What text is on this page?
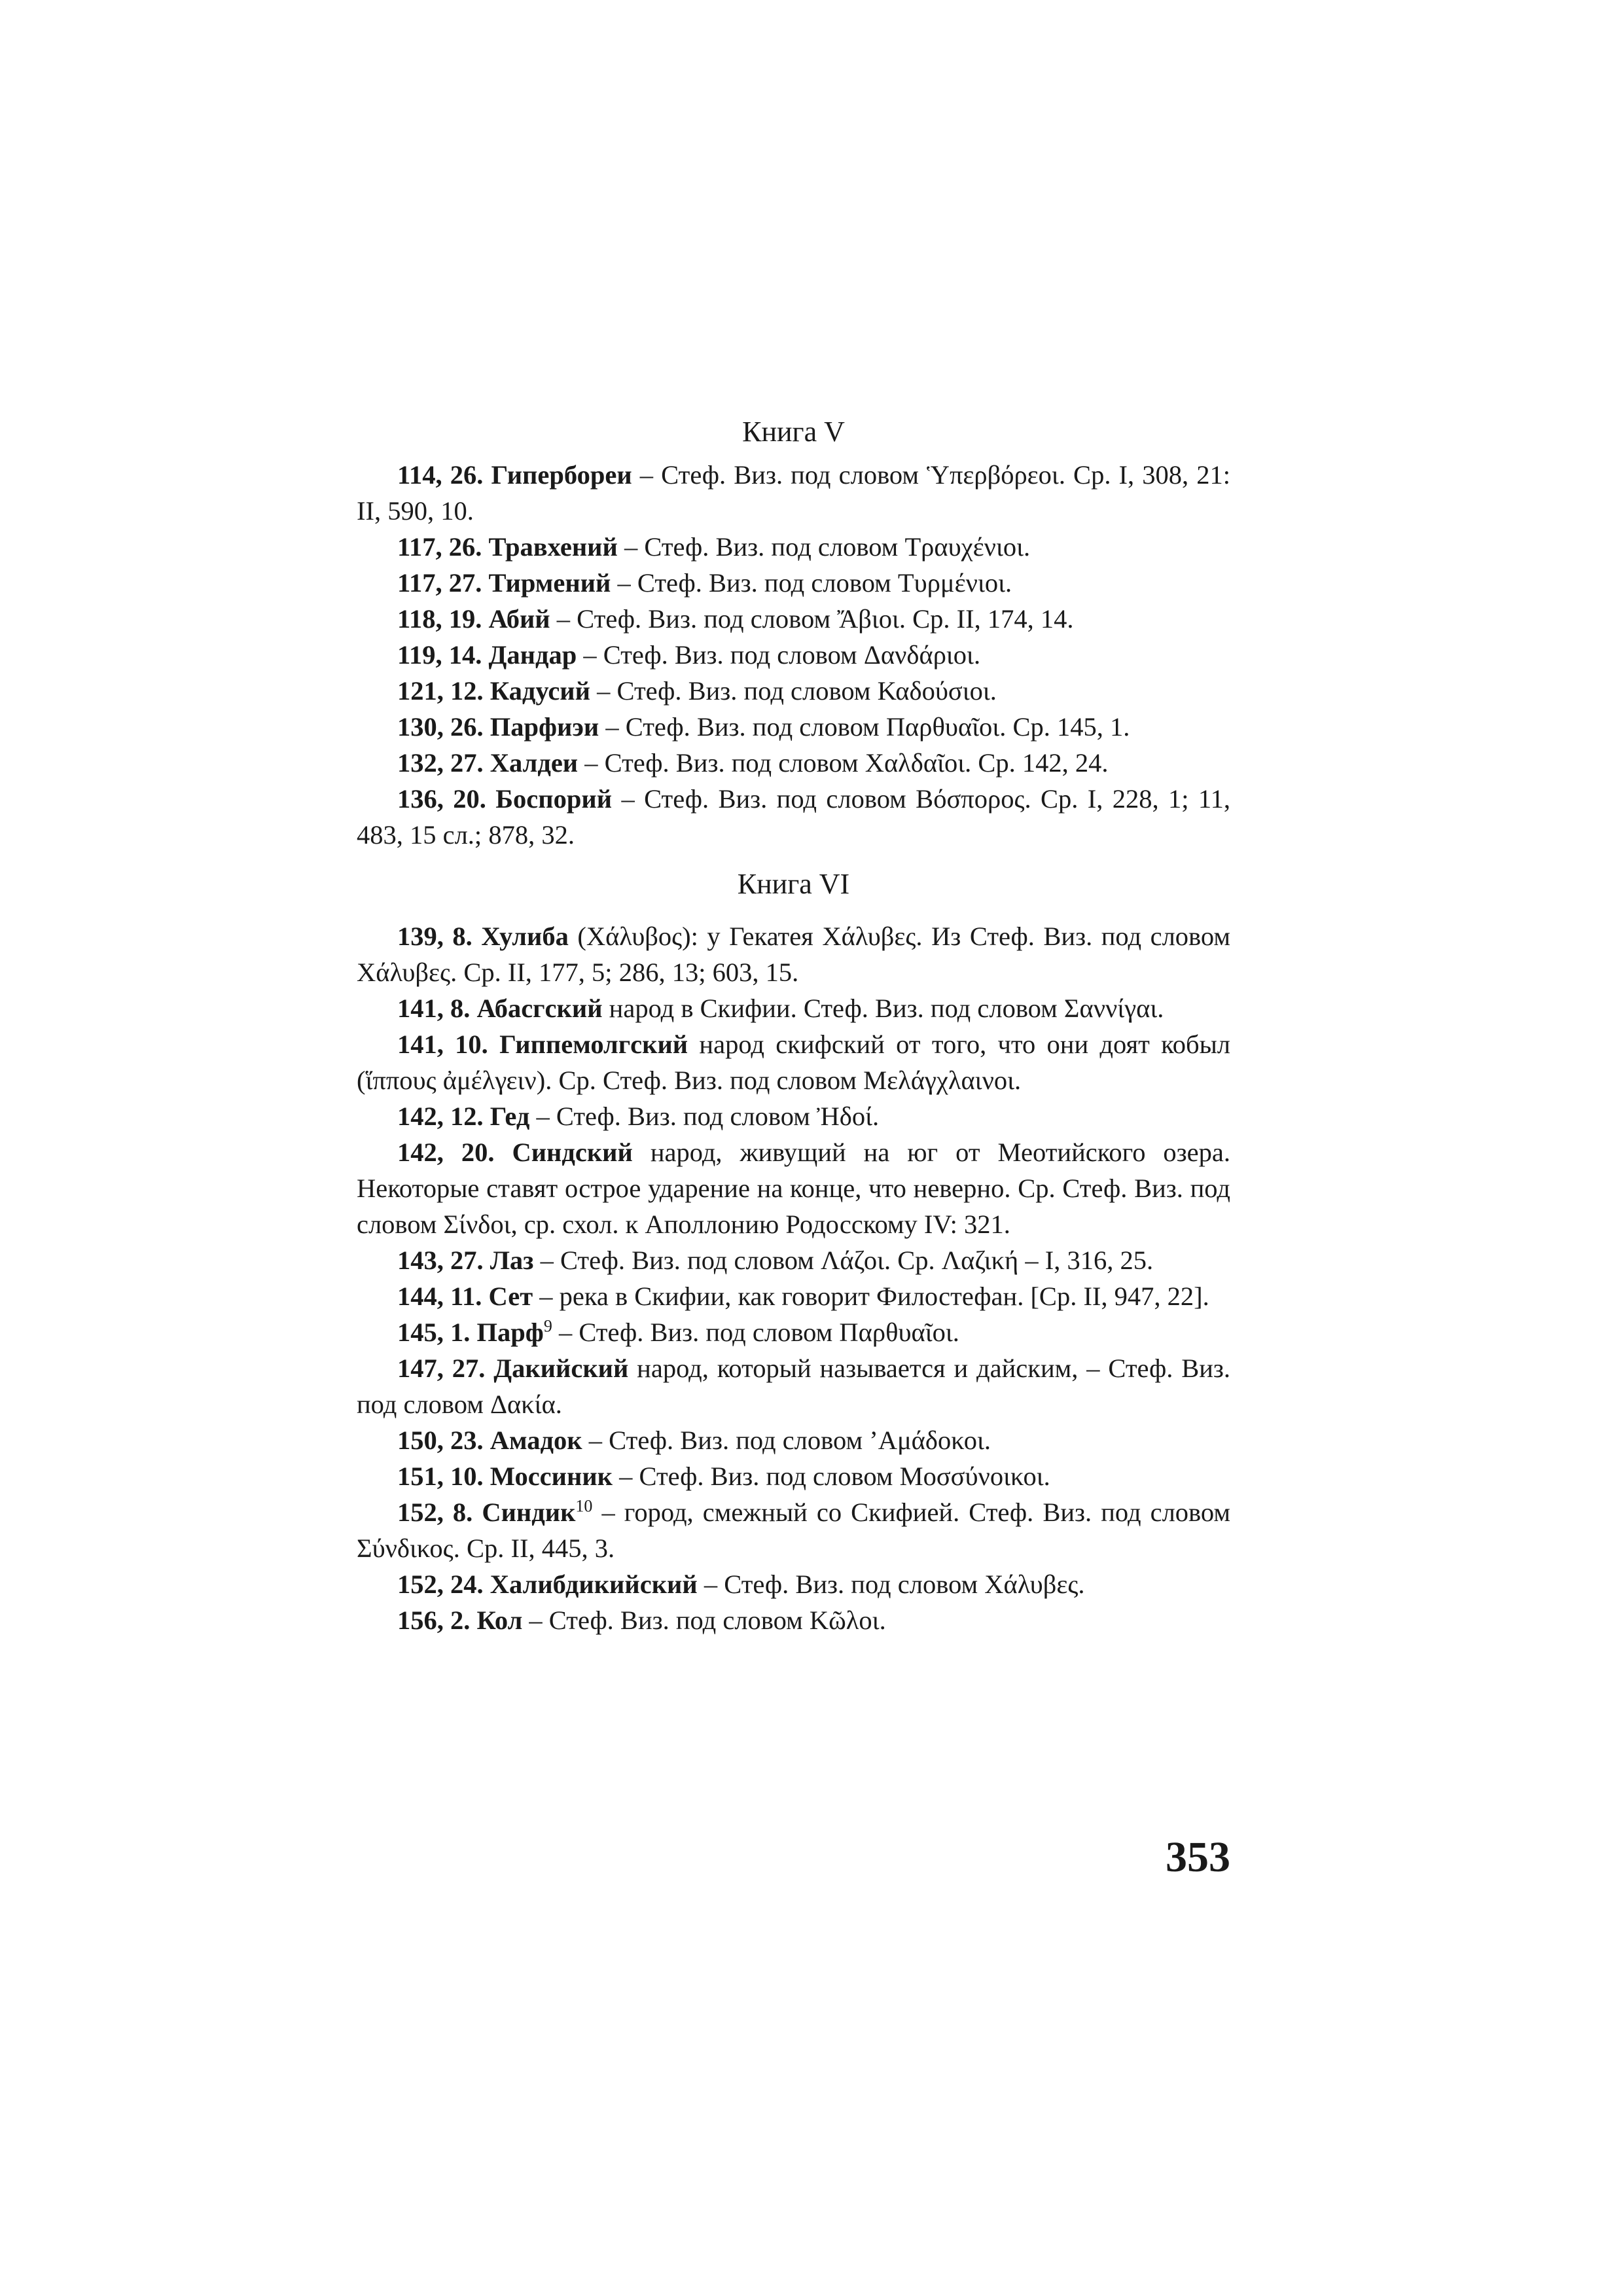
Книга V

114, 26. Гипербореи – Стеф. Виз. под словом Ὑπερβόρεοι. Ср. I, 308, 21: II, 590, 10.

117, 26. Травхений – Стеф. Виз. под словом Τραυχένιοι.

117, 27. Тирмений – Стеф. Виз. под словом Τυρμένιοι.

118, 19. Абий – Стеф. Виз. под словом Ἄβιοι. Ср. II, 174, 14.

119, 14. Дандар – Стеф. Виз. под словом Δανδάριοι.

121, 12. Кадусий – Стеф. Виз. под словом Καδούσιοι.

130, 26. Парфиэи – Стеф. Виз. под словом Παρθυαῖοι. Ср. 145, 1.

132, 27. Халдеи – Стеф. Виз. под словом Χαλδαῖοι. Ср. 142, 24.

136, 20. Боспорий – Стеф. Виз. под словом Βόσπορος. Ср. I, 228, 1; 11, 483, 15 сл.; 878, 32.

Книга VI

139, 8. Хулиба (Χάλυβος): у Гекатея Χάλυβες. Из Стеф. Виз. под словом Χάλυβες. Ср. II, 177, 5; 286, 13; 603, 15.

141, 8. Абасгский народ в Скифии. Стеф. Виз. под словом Σαννίγαι.

141, 10. Гиппемолгский народ скифский от того, что они доят кобыл (ἵππους ἀμέλγειν). Ср. Стеф. Виз. под словом Μελάγχλαινοι.

142, 12. Гед – Стеф. Виз. под словом Ἠδοί.

142, 20. Синдский народ, живущий на юг от Меотийского озера. Некоторые ставят острое ударение на конце, что неверно. Ср. Стеф. Виз. под словом Σίνδοι, ср. схол. к Аполлонию Родосскому IV: 321.

143, 27. Лаз – Стеф. Виз. под словом Λάζοι. Ср. Λαζική – I, 316, 25.

144, 11. Сет – река в Скифии, как говорит Филостефан. [Ср. II, 947, 22].

145, 1. Парф$^9$ – Стеф. Виз. под словом Παρθυαῖοι.

147, 27. Дакийский народ, который называется и дайским, – Стеф. Виз. под словом Δακία.

150, 23. Амадок – Стеф. Виз. под словом ’Αμάδοκοι.

151, 10. Моссиник – Стеф. Виз. под словом Μοσσύνοικοι.

152, 8. Синдик$^{10}$ – город, смежный со Скифией. Стеф. Виз. под словом Σύνδικος. Ср. II, 445, 3.

152, 24. Халибдикийский – Стеф. Виз. под словом Χάλυβες.

156, 2. Кол – Стеф. Виз. под словом Κῶλοι.

353
